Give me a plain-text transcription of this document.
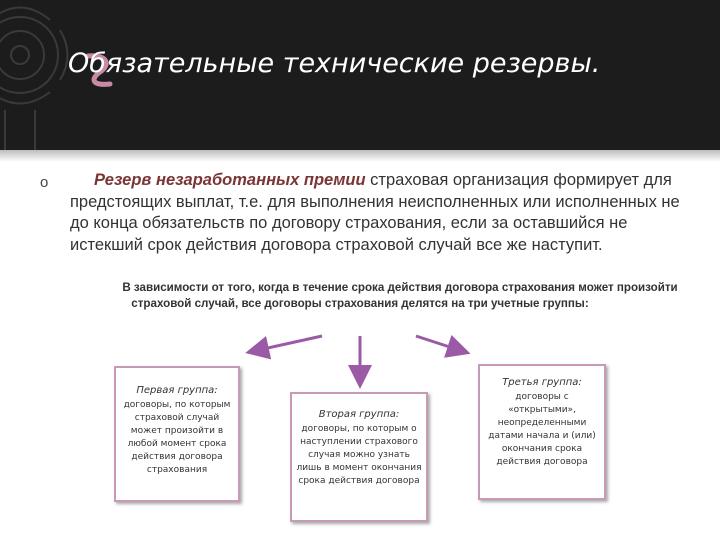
Обязательные технические резервы.
o	Резерв незаработанных премии страховая организация формирует для предстоящих выплат, т.е. для выполнения неисполненных или исполненных не до конца обязательств по договору страхования, если за оставшийся не истекший срок действия договора страховой случай все же наступит.
В зависимости от того, когда в течение срока действия договора страхования может произойти страховой случай, все договоры страхования делятся на три учетные группы:
Первая группа:
договоры, по которым страховой случай может произойти в любой момент срока действия договора страхования
Вторая группа:
договоры, по которым о наступлении страхового случая можно узнать лишь в момент окончания срока действия договора
Третья группа:
договоры с «открытыми», неопределенными датами начала и (или) окончания срока действия договора
